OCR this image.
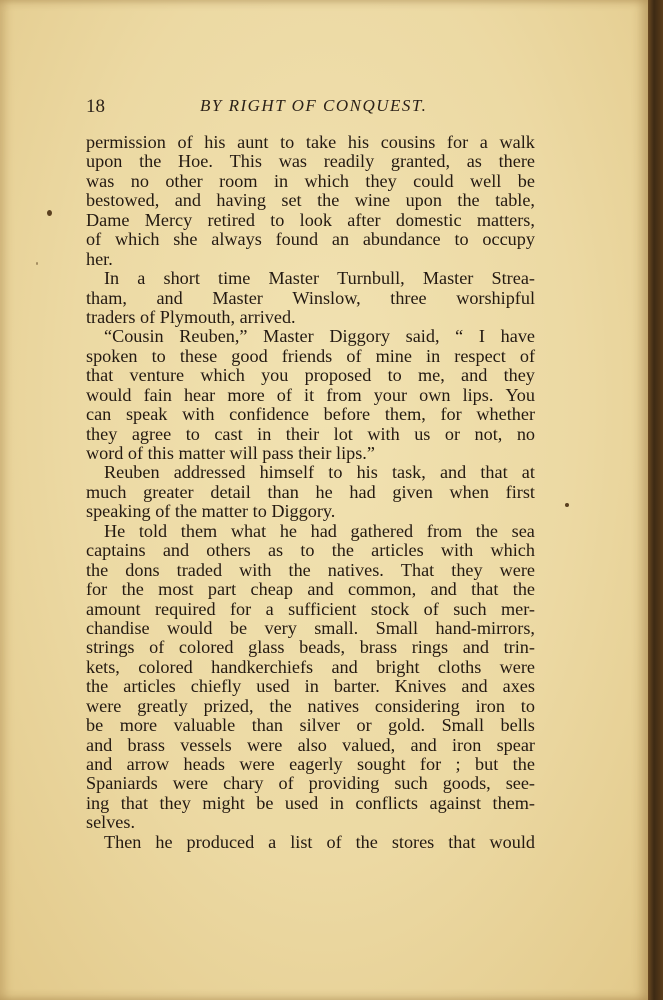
18	BY RIGHT OF CONQUEST.
permission of his aunt to take his cousins for a walk
upon the Hoe. This was readily granted, as there
was no other room in which they could well be
bestowed, and having set the wine upon the table,
Dame Mercy retired to look after domestic matters,
of which she always found an abundance to occupy
her.
In a short time Master Turnbull, Master Strea-
tham, and Master Winslow, three worshipful
traders of Plymouth, arrived.
“Cousin Reuben,” Master Diggory said, “ I have
spoken to these good friends of mine in respect of
that venture which you proposed to me, and they
would fain hear more of it from your own lips. You
can speak with confidence before them, for whether
they agree to cast in their lot with us or not, no
word of this matter will pass their lips.”
Reuben addressed himself to his task, and that at
much greater detail than he had given when first
speaking of the matter to Diggory.
He told them what he had gathered from the sea
captains and others as to the articles with which
the dons traded with the natives. That they were
for the most part cheap and common, and that the
amount required for a sufficient stock of such mer-
chandise would be very small. Small hand-mirrors,
strings of colored glass beads, brass rings and trin-
kets, colored handkerchiefs and bright cloths were
the articles chiefly used in barter. Knives and axes
were greatly prized, the natives considering iron to
be more valuable than silver or gold. Small bells
and brass vessels were also valued, and iron spear
and arrow heads were eagerly sought for ; but the
Spaniards were chary of providing such goods, see-
ing that they might be used in conflicts against them-
selves.
Then he produced a list of the stores that would
